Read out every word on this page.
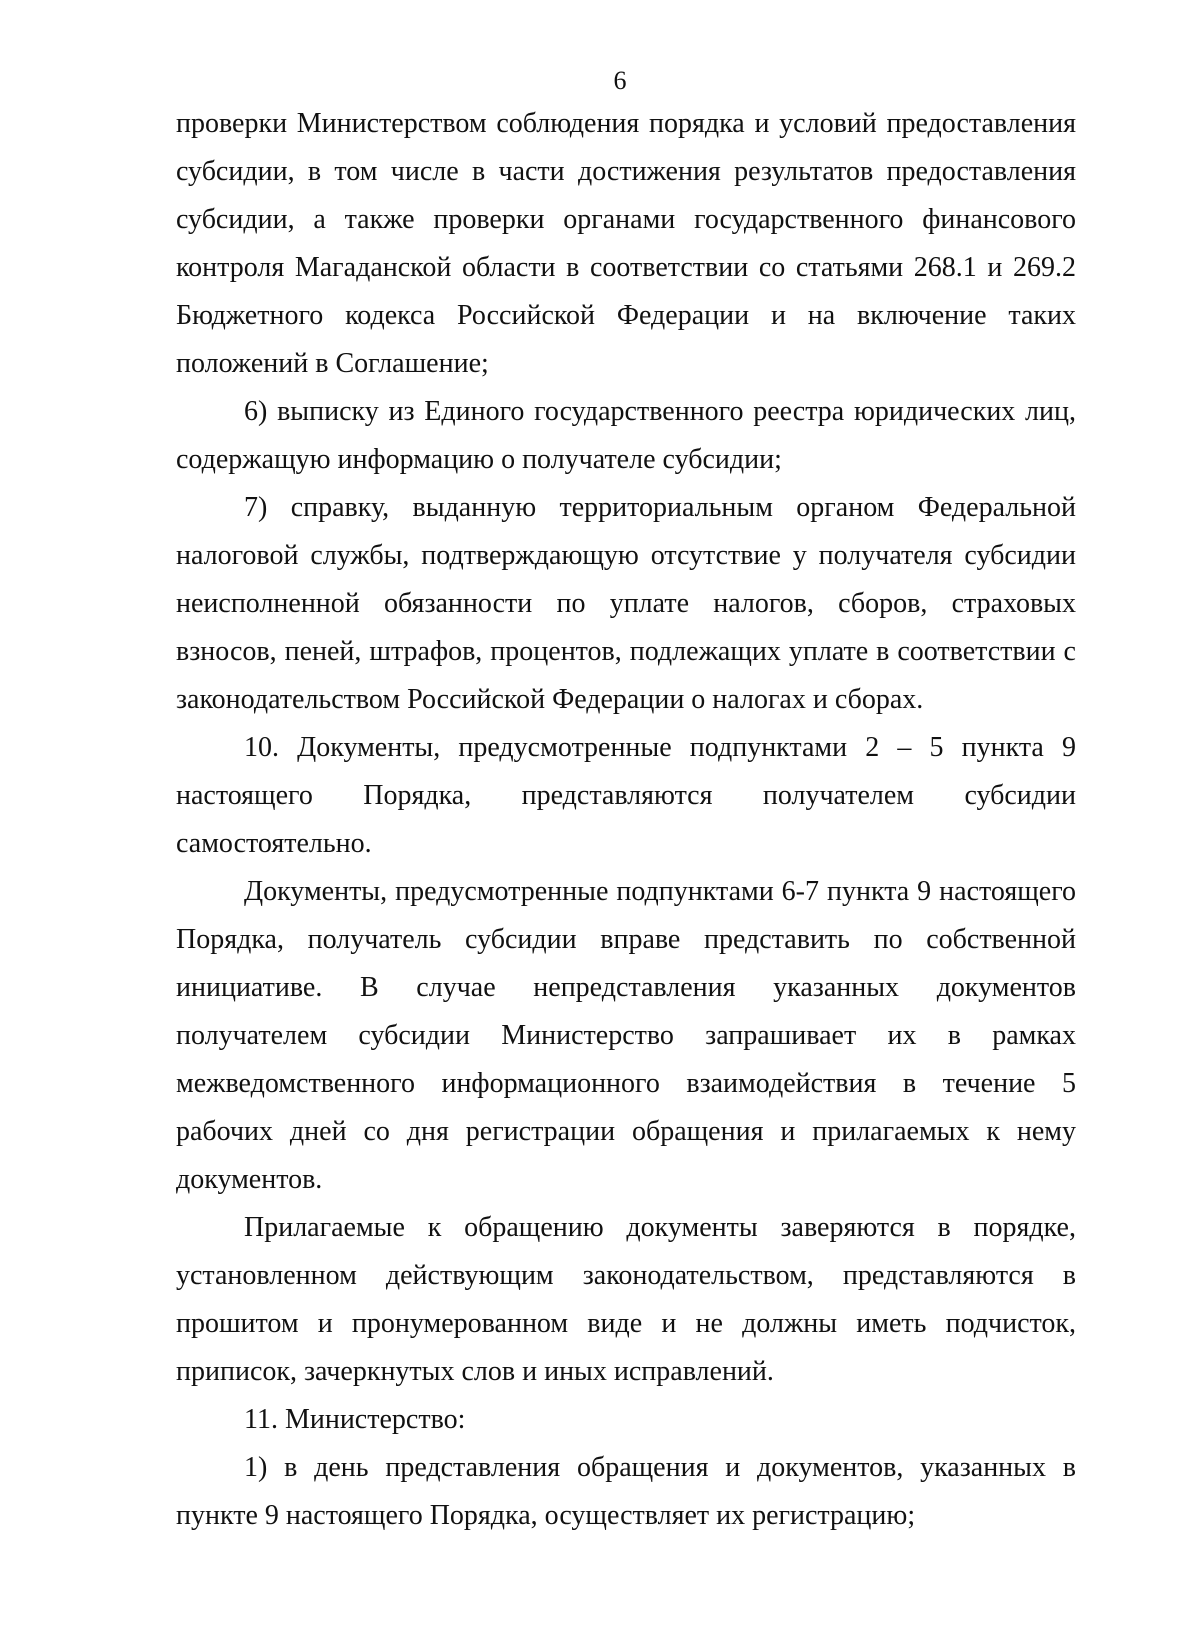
6

проверки Министерством соблюдения порядка и условий предоставления субсидии, в том числе в части достижения результатов предоставления субсидии, а также проверки органами государственного финансового контроля Магаданской области в соответствии со статьями 268.1 и 269.2 Бюджетного кодекса Российской Федерации и на включение таких положений в Соглашение;

6) выписку из Единого государственного реестра юридических лиц, содержащую информацию о получателе субсидии;

7) справку, выданную территориальным органом Федеральной налоговой службы, подтверждающую отсутствие у получателя субсидии неисполненной обязанности по уплате налогов, сборов, страховых взносов, пеней, штрафов, процентов, подлежащих уплате в соответствии с законодательством Российской Федерации о налогах и сборах.

10. Документы, предусмотренные подпунктами 2 – 5 пункта 9 настоящего Порядка, представляются получателем субсидии самостоятельно.

Документы, предусмотренные подпунктами 6-7 пункта 9 настоящего Порядка, получатель субсидии вправе представить по собственной инициативе. В случае непредставления указанных документов получателем субсидии Министерство запрашивает их в рамках межведомственного информационного взаимодействия в течение 5 рабочих дней со дня регистрации обращения и прилагаемых к нему документов.

Прилагаемые к обращению документы заверяются в порядке, установленном действующим законодательством, представляются в прошитом и пронумерованном виде и не должны иметь подчисток, приписок, зачеркнутых слов и иных исправлений.

11. Министерство:

1) в день представления обращения и документов, указанных в пункте 9 настоящего Порядка, осуществляет их регистрацию;
